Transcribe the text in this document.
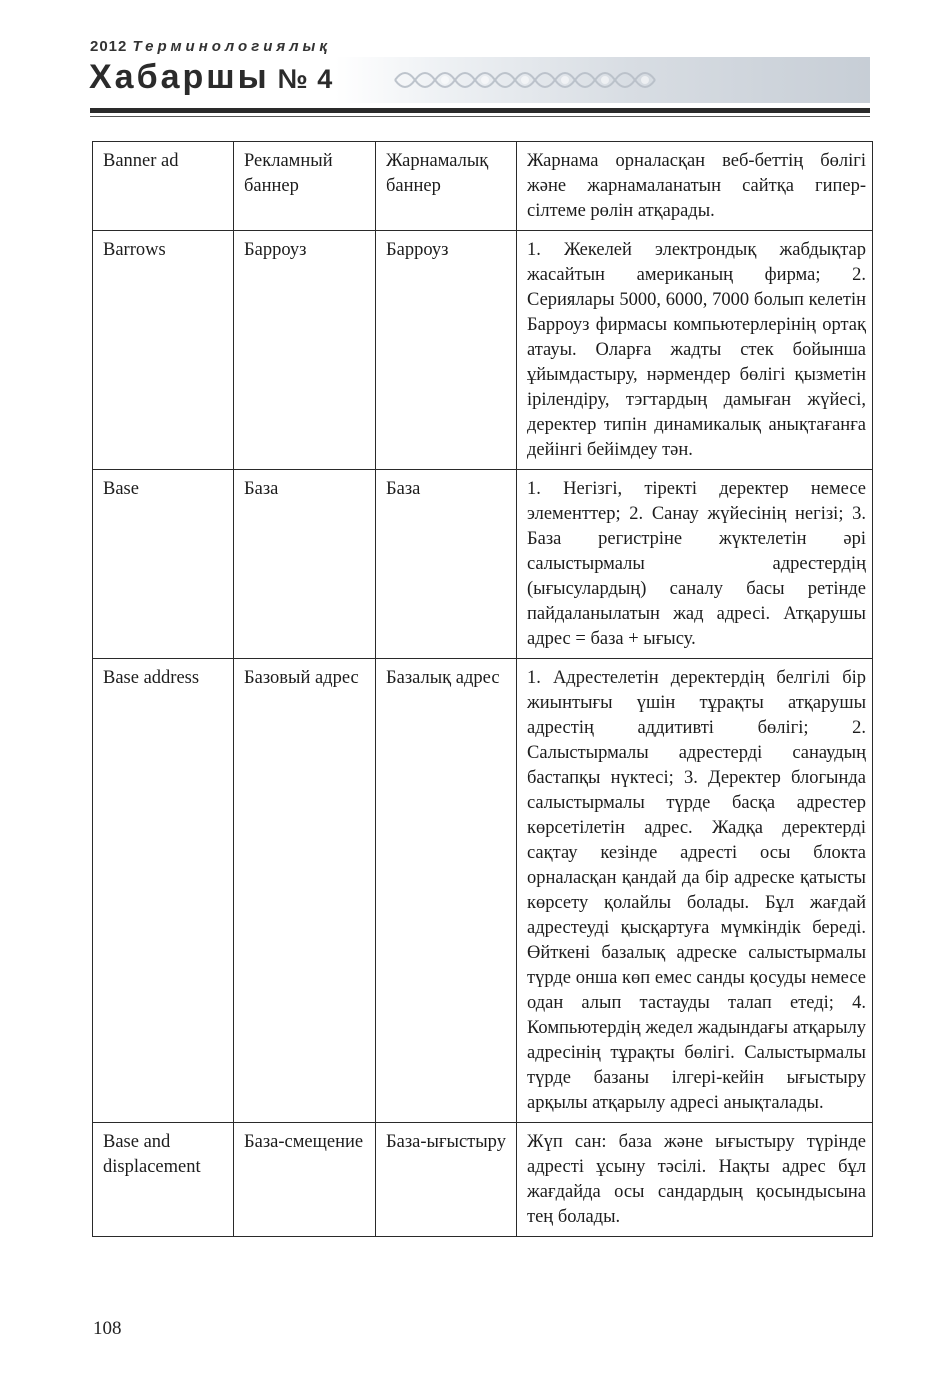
2012 Терминологиялық
Хабаршы № 4
Banner ad	Рекламный баннер	Жарнамалық баннер	Жарнама орналасқан веб-беттің бөлігі және жарнамаланатын сайтқа гипер-сілтеме рөлін атқарады.
Barrows	Барроуз	Барроуз	1. Жекелей электрондық жабдықтар жасайтын американың фирма; 2. Сериялары 5000, 6000, 7000 болып келетін Барроуз фирмасы компьютерлерінің ортақ атауы. Оларға жадты стек бойынша ұйымдастыру, нәрмендер бөлігі қызметін ірілендіру, тэгтардың дамыған жүйесі, деректер типін динамикалық анықтағанға дейінгі бейімдеу тән.
Base	База	База	1. Негізгі, тіректі деректер немесе элементтер; 2. Санау жүйесінің негізі; 3. База регистріне жүктелетін әрі салыстырмалы адрестердің (ығысулардың) саналу басы ретінде пайдаланылатын жад адресі. Атқарушы адрес = база + ығысу.
Base address	Базовый адрес	Базалық адрес	1. Адрестелетін деректердің белгілі бір жиынтығы үшін тұрақты атқарушы адрестің аддитивті бөлігі; 2. Салыстырмалы адрестерді санаудың бастапқы нүктесі; 3. Деректер блогында салыстырмалы түрде басқа адрестер көрсетілетін адрес. Жадқа деректерді сақтау кезінде адресті осы блокта орналасқан қандай да бір адреске қатысты көрсету қолайлы болады. Бұл жағдай адрестеуді қысқартуға мүмкіндік береді. Өйткені базалық адреске салыстырмалы түрде онша көп емес санды қосуды немесе одан алып тастауды талап етеді; 4. Компьютердің жедел жадындағы атқарылу адресінің тұрақты бөлігі. Салыстырмалы түрде базаны ілгері-кейін ығыстыру арқылы атқарылу адресі анықталады.
Base and displacement	База-смещение	База-ығыстыру	Жүп сан: база және ығыстыру түрінде адресті ұсыну тәсілі. Нақты адрес бұл жағдайда осы сандардың қосындысына тең болады.
108
